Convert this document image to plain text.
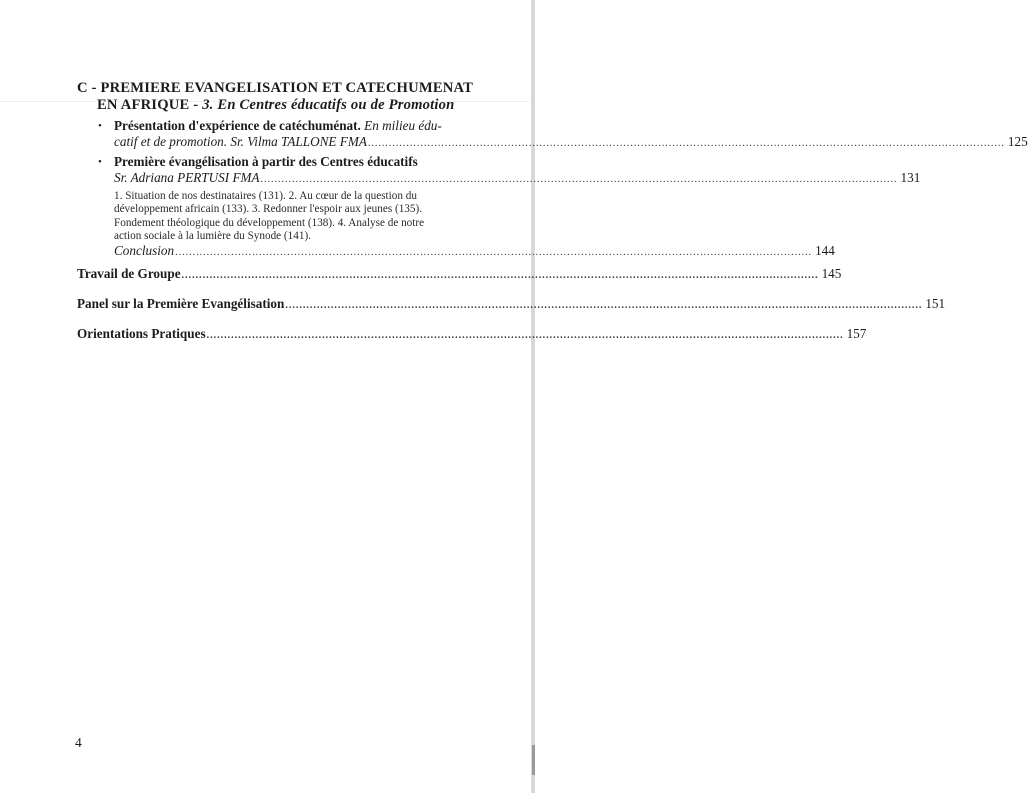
C - PREMIERE EVANGELISATION ET CATECHUMENAT
EN AFRIQUE - 3. En Centres éducatifs ou de Promotion
• Présentation d'expérience de catéchuménat. En milieu édu-
catif et de promotion. Sr. Vilma TALLONE FMA ...................................................................................................................................................................................... 125
• Première évangélisation à partir des Centres éducatifs
Sr. Adriana PERTUSI FMA ...................................................................................................................................................................................... 131
1. Situation de nos destinataires (131). 2. Au cœur de la question du
développement africain (133). 3. Redonner l'espoir aux jeunes (135).
Fondement théologique du développement (138). 4. Analyse de notre
action sociale à la lumière du Synode (141).
Conclusion ...................................................................................................................................................................................... 144
Travail de Groupe ...................................................................................................................................................................................... 145
Panel sur la Première Evangélisation ...................................................................................................................................................................................... 151
Orientations Pratiques ...................................................................................................................................................................................... 157
4
